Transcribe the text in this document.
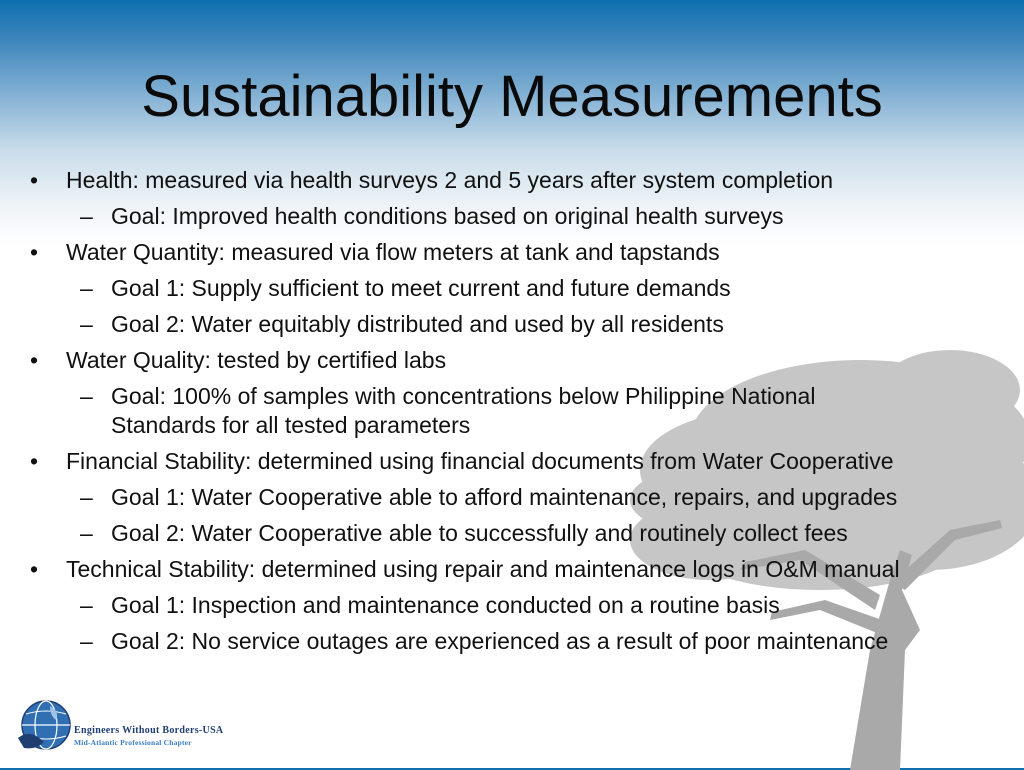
Sustainability Measurements
• Health: measured via health surveys 2 and 5 years after system completion
– Goal: Improved health conditions based on original health surveys
• Water Quantity: measured via flow meters at tank and tapstands
– Goal 1: Supply sufficient to meet current and future demands
– Goal 2: Water equitably distributed and used by all residents
• Water Quality: tested by certified labs
– Goal: 100% of samples with concentrations below Philippine National Standards for all tested parameters
• Financial Stability: determined using financial documents from Water Cooperative
– Goal 1: Water Cooperative able to afford maintenance, repairs, and upgrades
– Goal 2: Water Cooperative able to successfully and routinely collect fees
• Technical Stability: determined using repair and maintenance logs in O&M manual
– Goal 1: Inspection and maintenance conducted on a routine basis
– Goal 2: No service outages are experienced as a result of poor maintenance
Engineers Without Borders-USA
Mid-Atlantic Professional Chapter
